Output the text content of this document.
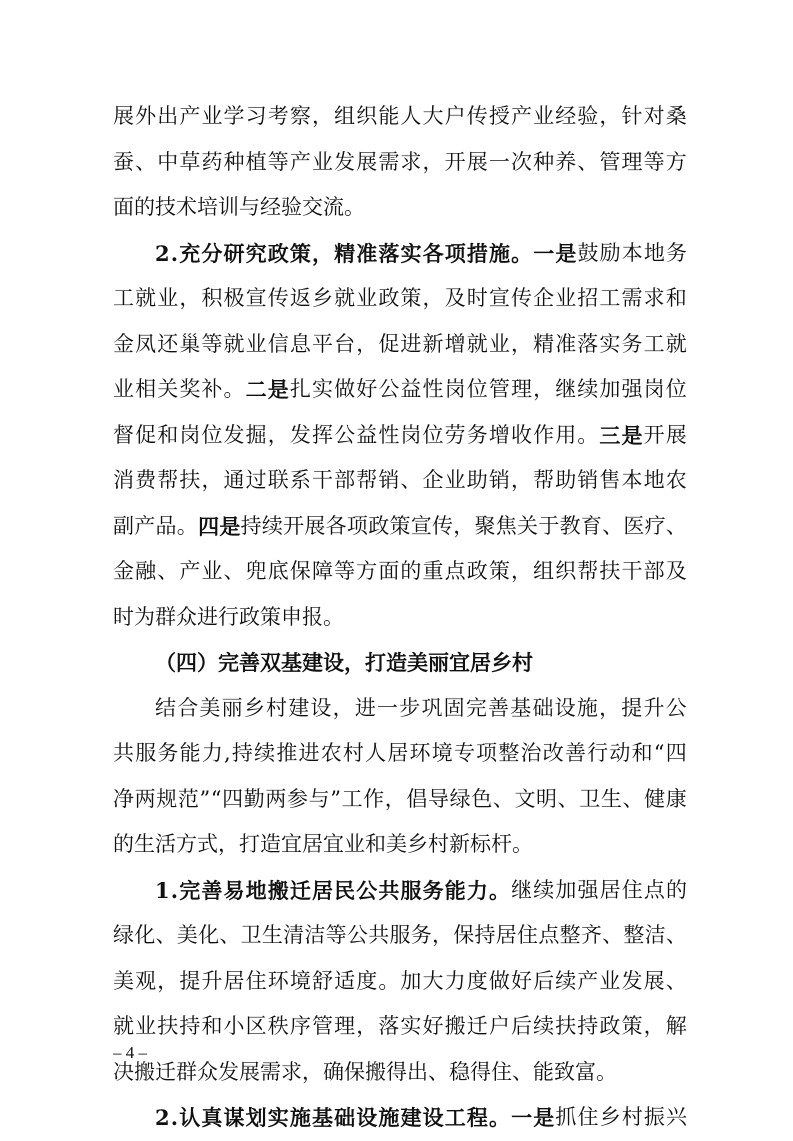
展 外 出 产 业 学 习 考 察 ， 组 织 能 人 大 户 传 授 产 业 经 验 ， 针 对 桑
蚕 、 中 草 药 种 植 等 产 业 发 展 需 求 ， 开 展 一 次 种 养 、 管 理 等 方
面 的 技 术 培 训 与 经 验 交 流 。
2 . 充 分 研 究 政 策 ， 精 准 落 实 各 项 措 施 。 一 是 鼓 励 本 地 务
工 就 业 ， 积 极 宣 传 返 乡 就 业 政 策 ， 及 时 宣 传 企 业 招 工 需 求 和
金 凤 还 巢 等 就 业 信 息 平 台 ， 促 进 新 增 就 业 ， 精 准 落 实 务 工 就
业 相 关 奖 补 。 二 是 扎 实 做 好 公 益 性 岗 位 管 理 ， 继 续 加 强 岗 位
督 促 和 岗 位 发 掘 ， 发 挥 公 益 性 岗 位 劳 务 增 收 作 用 。 三 是 开 展
消 费 帮 扶 ， 通 过 联 系 干 部 帮 销 、 企 业 助 销 ， 帮 助 销 售 本 地 农
副 产 品 。 四 是 持 续 开 展 各 项 政 策 宣 传 ， 聚 焦 关 于 教 育 、 医 疗 、
金 融 、 产 业 、 兜 底 保 障 等 方 面 的 重 点 政 策 ， 组 织 帮 扶 干 部 及
时 为 群 众 进 行 政 策 申 报 。
（ 四 ） 完 善 双 基 建 设 ， 打 造 美 丽 宜 居 乡 村
结 合 美 丽 乡 村 建 设 ， 进 一 步 巩 固 完 善 基 础 设 施 ， 提 升 公
共 服 务 能 力 , 持 续 推 进 农 村 人 居 环 境 专 项 整 治 改 善 行 动 和 “ 四
净 两 规 范 ” “ 四 勤 两 参 与 ” 工 作 ， 倡 导 绿 色 、 文 明 、 卫 生 、 健 康
的 生 活 方 式 ， 打 造 宜 居 宜 业 和 美 乡 村 新 标 杆 。
1 . 完 善 易 地 搬 迁 居 民 公 共 服 务 能 力 。 继 续 加 强 居 住 点 的
绿 化 、 美 化 、 卫 生 清 洁 等 公 共 服 务 ， 保 持 居 住 点 整 齐 、 整 洁 、
美 观 ， 提 升 居 住 环 境 舒 适 度 。 加 大 力 度 做 好 后 续 产 业 发 展 、
就 业 扶 持 和 小 区 秩 序 管 理 ， 落 实 好 搬 迁 户 后 续 扶 持 政 策 ， 解
决 搬 迁 群 众 发 展 需 求 ， 确 保 搬 得 出 、 稳 得 住 、 能 致 富 。
2 . 认 真 谋 划 实 施 基 础 设 施 建 设 工 程 。 一 是 抓 住 乡 村 振 兴
– 4 –
